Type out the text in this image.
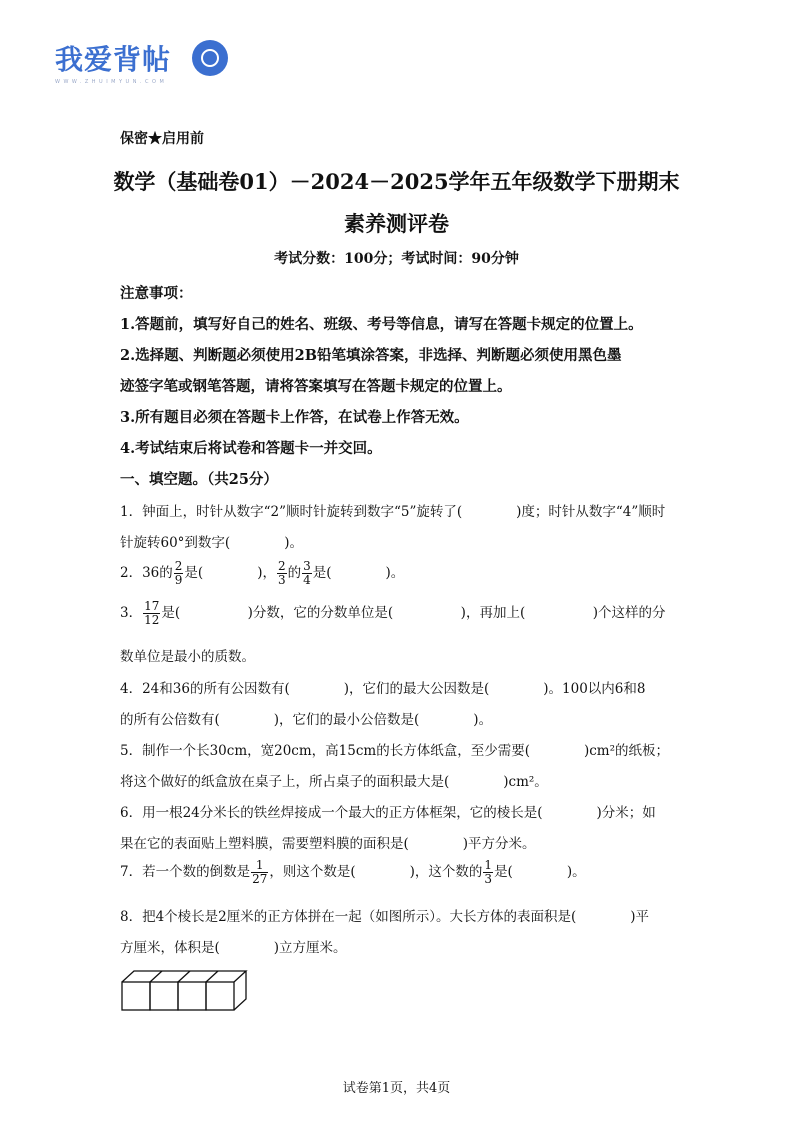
我爱背帖
WWW.ZHUIMYUN.COM
保密★启用前
数学（基础卷01）－2024－2025学年五年级数学下册期末
素养测评卷
考试分数：100分；考试时间：90分钟
注意事项：
1.答题前，填写好自己的姓名、班级、考号等信息，请写在答题卡规定的位置上。
2.选择题、判断题必须使用2B铅笔填涂答案，非选择、判断题必须使用黑色墨
迹签字笔或钢笔答题，请将答案填写在答题卡规定的位置上。
3.所有题目必须在答题卡上作答，在试卷上作答无效。
4.考试结束后将试卷和答题卡一并交回。
一、填空题。（共25分）
1．钟面上，时针从数字“2”顺时针旋转到数字“5”旋转了(　　　　)度；时针从数字“4”顺时
针旋转60°到数字(　　　　)。
2．36的 $\frac{2}{9}$ 是(　　　　)， $\frac{2}{3}$ 的 $\frac{3}{4}$ 是(　　　　)。
3． $\frac{17}{12}$ 是(　　　　　)分数，它的分数单位是(　　　　　)，再加上(　　　　　)个这样的分
数单位是最小的质数。
4．24和36的所有公因数有(　　　　)，它们的最大公因数是(　　　　)。100以内6和8
的所有公倍数有(　　　　)，它们的最小公倍数是(　　　　)。
5．制作一个长30cm，宽20cm，高15cm的长方体纸盒，至少需要(　　　　)cm²的纸板；
将这个做好的纸盒放在桌子上，所占桌子的面积最大是(　　　　)cm²。
6．用一根24分米长的铁丝焊接成一个最大的正方体框架，它的棱长是(　　　　)分米；如
果在它的表面贴上塑料膜，需要塑料膜的面积是(　　　　)平方分米。
7．若一个数的倒数是 $\frac{1}{27}$ ，则这个数是(　　　　)，这个数的 $\frac{1}{3}$ 是(　　　　)。
8．把4个棱长是2厘米的正方体拼在一起（如图所示）。大长方体的表面积是(　　　　)平
方厘米，体积是(　　　　)立方厘米。
试卷第1页，共4页
